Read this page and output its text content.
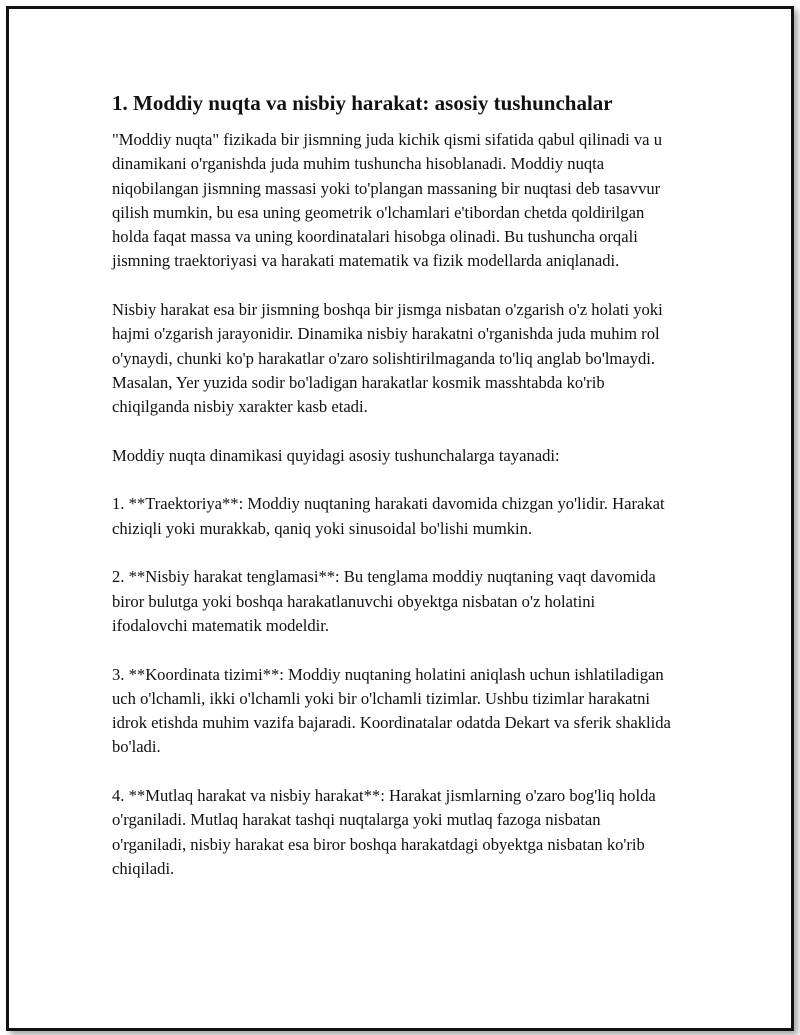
1. Moddiy nuqta va nisbiy harakat: asosiy tushunchalar

"Moddiy nuqta" fizikada bir jismning juda kichik qismi sifatida qabul qilinadi va u dinamikani o'rganishda juda muhim tushuncha hisoblanadi. Moddiy nuqta niqobilangan jismning massasi yoki to'plangan massaning bir nuqtasi deb tasavvur qilish mumkin, bu esa uning geometrik o'lchamlari e'tibordan chetda qoldirilgan holda faqat massa va uning koordinatalari hisobga olinadi. Bu tushuncha orqali jismning traektoriyasi va harakati matematik va fizik modellarda aniqlanadi.

Nisbiy harakat esa bir jismning boshqa bir jismga nisbatan o'zgarish o'z holati yoki hajmi o'zgarish jarayonidir. Dinamika nisbiy harakatni o'rganishda juda muhim rol o'ynaydi, chunki ko'p harakatlar o'zaro solishtirilmaganda to'liq anglab bo'lmaydi. Masalan, Yer yuzida sodir bo'ladigan harakatlar kosmik masshtabda ko'rib chiqilganda nisbiy xarakter kasb etadi.

Moddiy nuqta dinamikasi quyidagi asosiy tushunchalarga tayanadi:

1. **Traektoriya**: Moddiy nuqtaning harakati davomida chizgan yo'lidir. Harakat chiziqli yoki murakkab, qaniq yoki sinusoidal bo'lishi mumkin.

2. **Nisbiy harakat tenglamasi**: Bu tenglama moddiy nuqtaning vaqt davomida biror bulutga yoki boshqa harakatlanuvchi obyektga nisbatan o'z holatini ifodalovchi matematik modeldir.

3. **Koordinata tizimi**: Moddiy nuqtaning holatini aniqlash uchun ishlatiladigan uch o'lchamli, ikki o'lchamli yoki bir o'lchamli tizimlar. Ushbu tizimlar harakatni idrok etishda muhim vazifa bajaradi. Koordinatalar odatda Dekart va sferik shaklida bo'ladi.

4. **Mutlaq harakat va nisbiy harakat**: Harakat jismlarning o'zaro bog'liq holda o'rganiladi. Mutlaq harakat tashqi nuqtalarga yoki mutlaq fazoga nisbatan o'rganiladi, nisbiy harakat esa biror boshqa harakatdagi obyektga nisbatan ko'rib chiqiladi.
